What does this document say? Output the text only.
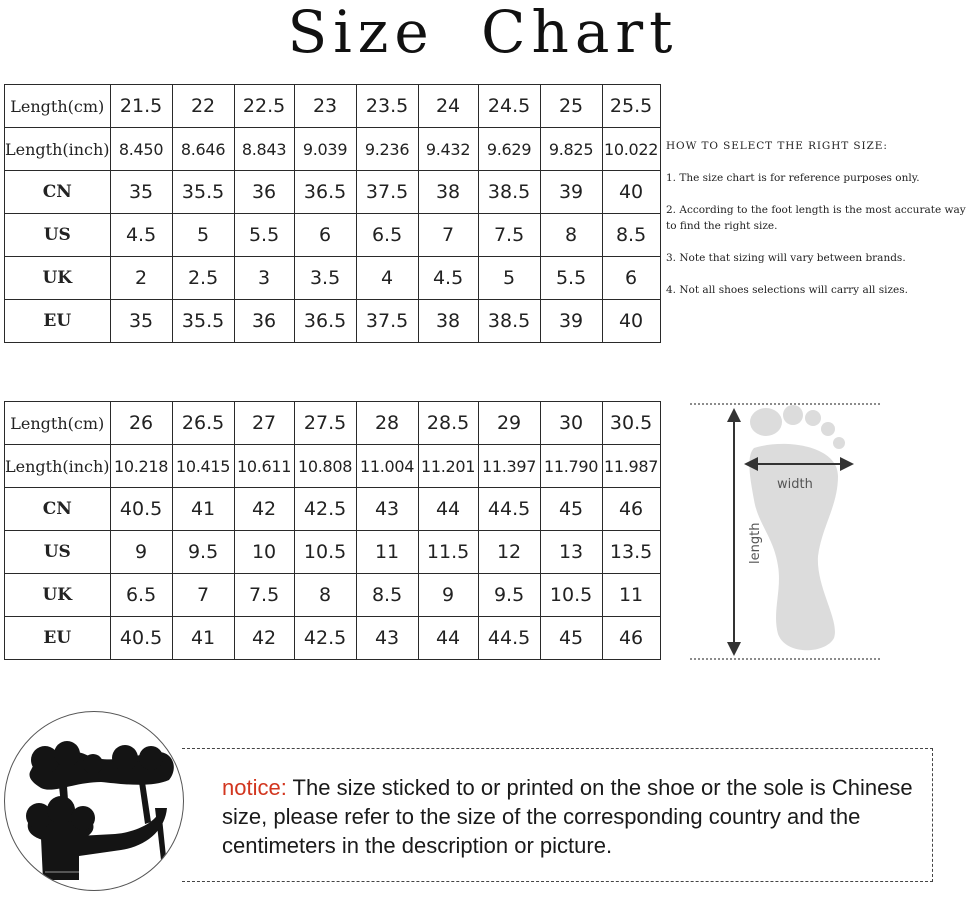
Size Chart
Length(cm)	21.5	22	22.5	23	23.5	24	24.5	25	25.5
Length(inch)	8.450	8.646	8.843	9.039	9.236	9.432	9.629	9.825	10.022
CN	35	35.5	36	36.5	37.5	38	38.5	39	40
US	4.5	5	5.5	6	6.5	7	7.5	8	8.5
UK	2	2.5	3	3.5	4	4.5	5	5.5	6
EU	35	35.5	36	36.5	37.5	38	38.5	39	40
Length(cm)	26	26.5	27	27.5	28	28.5	29	30	30.5
Length(inch)	10.218	10.415	10.611	10.808	11.004	11.201	11.397	11.790	11.987
CN	40.5	41	42	42.5	43	44	44.5	45	46
US	9	9.5	10	10.5	11	11.5	12	13	13.5
UK	6.5	7	7.5	8	8.5	9	9.5	10.5	11
EU	40.5	41	42	42.5	43	44	44.5	45	46
HOW TO SELECT THE RIGHT SIZE:
1. The size chart is for reference purposes only.
2. According to the foot length is the most accurate way to find the right size.
3. Note that sizing will vary between brands.
4. Not all shoes selections will carry all sizes.
width
length
notice: The size sticked to or printed on the shoe or the sole is Chinese size, please refer to the size of the corresponding country and the centimeters in the description or picture.
